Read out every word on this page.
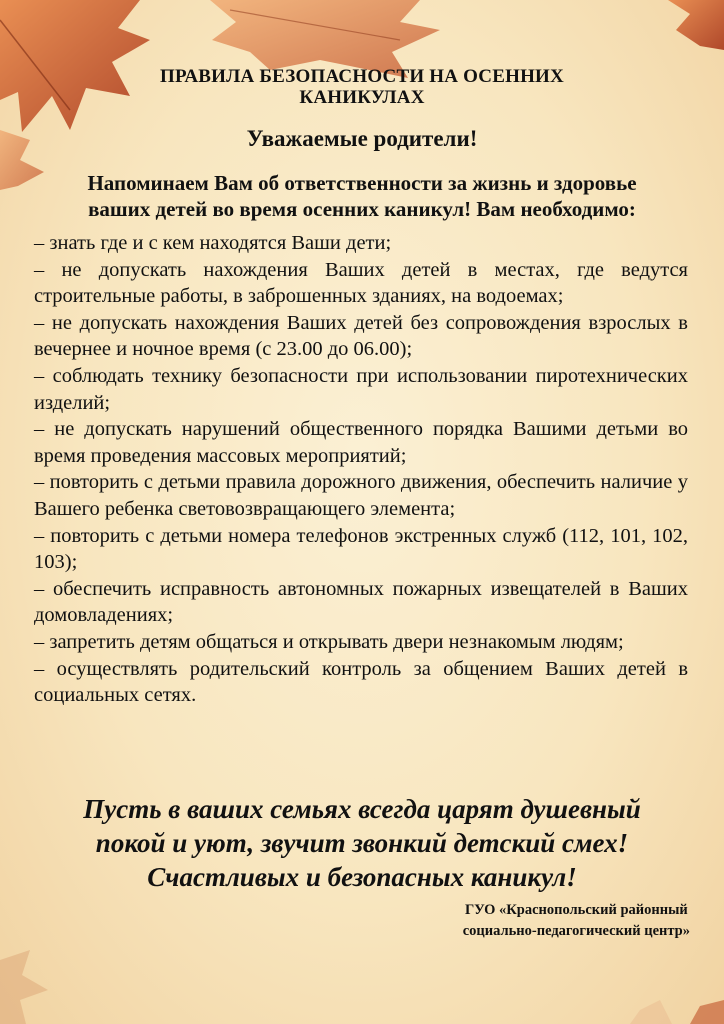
ПРАВИЛА БЕЗОПАСНОСТИ НА ОСЕННИХ
КАНИКУЛАХ
Уважаемые родители!
Напоминаем Вам об ответственности за жизнь и здоровье
ваших детей во время осенних каникул! Вам необходимо:

– знать где и с кем находятся Ваши дети;

– не допускать нахождения Ваших детей в местах, где ведутся строительные работы, в заброшенных зданиях, на водоемах;

– не допускать нахождения Ваших детей без сопровождения взрослых в вечернее и ночное время (с 23.00 до 06.00);

– соблюдать технику безопасности при использовании пиротехнических изделий;

– не допускать нарушений общественного порядка Вашими детьми во время проведения массовых мероприятий;

– повторить с детьми правила дорожного движения, обеспечить наличие у Вашего ребенка световозвращающего элемента;

– повторить с детьми номера телефонов экстренных служб (112, 101, 102, 103);

– обеспечить исправность автономных пожарных извещателей в Ваших домовладениях;

– запретить детям общаться и открывать двери незнакомым людям;

– осуществлять родительский контроль за общением Ваших детей в социальных сетях.

Пусть в ваших семьях всегда царят душевный
покой и уют, звучит звонкий детский смех!
Счастливых и безопасных каникул!
ГУО «Краснопольский районный
социально-педагогический центр»
